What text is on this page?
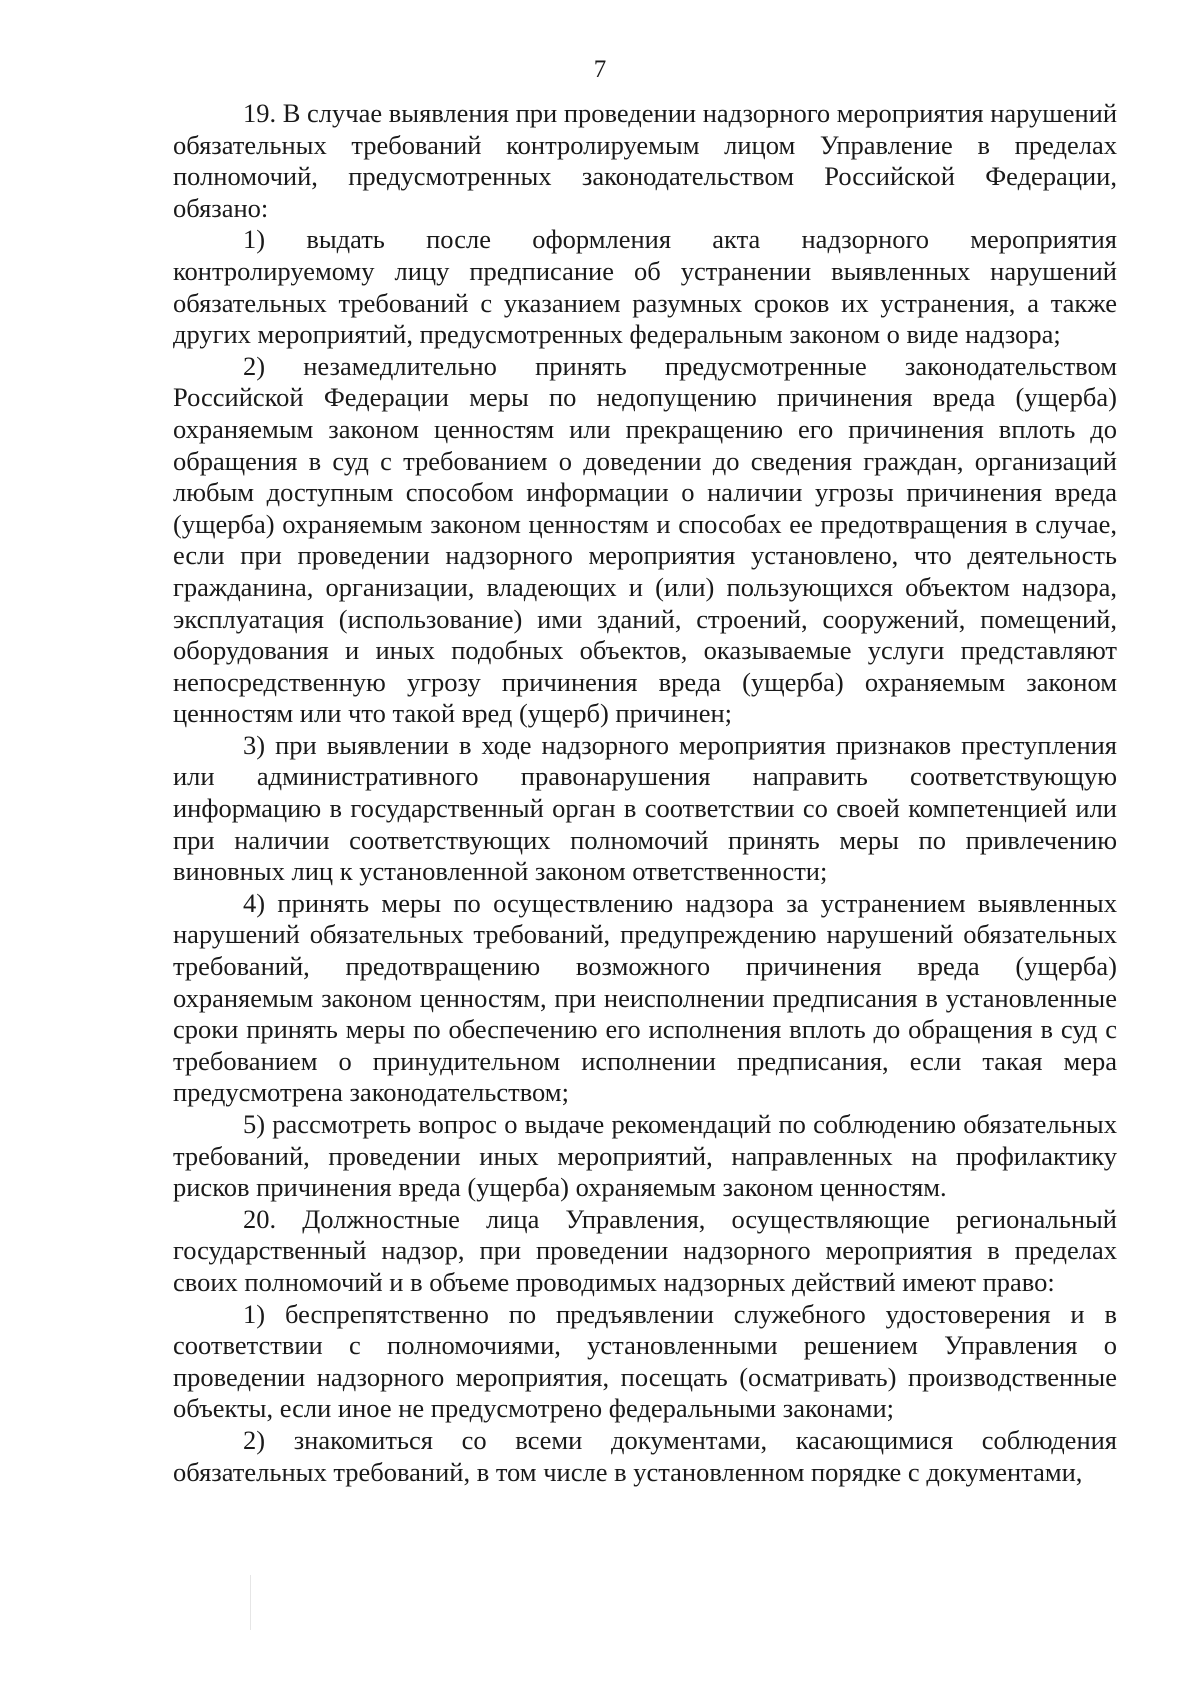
7

19. В случае выявления при проведении надзорного мероприятия нарушений обязательных требований контролируемым лицом Управление в пределах полномочий, предусмотренных законодательством Российской Федерации, обязано:

1) выдать после оформления акта надзорного мероприятия контролируемому лицу предписание об устранении выявленных нарушений обязательных требований с указанием разумных сроков их устранения, а также других мероприятий, предусмотренных федеральным законом о виде надзора;

2) незамедлительно принять предусмотренные законодательством Российской Федерации меры по недопущению причинения вреда (ущерба) охраняемым законом ценностям или прекращению его причинения вплоть до обращения в суд с требованием о доведении до сведения граждан, организаций любым доступным способом информации о наличии угрозы причинения вреда (ущерба) охраняемым законом ценностям и способах ее предотвращения в случае, если при проведении надзорного мероприятия установлено, что деятельность гражданина, организации, владеющих и (или) пользующихся объектом надзора, эксплуатация (использование) ими зданий, строений, сооружений, помещений, оборудования и иных подобных объектов, оказываемые услуги представляют непосредственную угрозу причинения вреда (ущерба) охраняемым законом ценностям или что такой вред (ущерб) причинен;

3) при выявлении в ходе надзорного мероприятия признаков преступления или административного правонарушения направить соответствующую информацию в государственный орган в соответствии со своей компетенцией или при наличии соответствующих полномочий принять меры по привлечению виновных лиц к установленной законом ответственности;

4) принять меры по осуществлению надзора за устранением выявленных нарушений обязательных требований, предупреждению нарушений обязательных требований, предотвращению возможного причинения вреда (ущерба) охраняемым законом ценностям, при неисполнении предписания в установленные сроки принять меры по обеспечению его исполнения вплоть до обращения в суд с требованием о принудительном исполнении предписания, если такая мера предусмотрена законодательством;

5) рассмотреть вопрос о выдаче рекомендаций по соблюдению обязательных требований, проведении иных мероприятий, направленных на профилактику рисков причинения вреда (ущерба) охраняемым законом ценностям.

20. Должностные лица Управления, осуществляющие региональный государственный надзор, при проведении надзорного мероприятия в пределах своих полномочий и в объеме проводимых надзорных действий имеют право:

1) беспрепятственно по предъявлении служебного удостоверения и в соответствии с полномочиями, установленными решением Управления о проведении надзорного мероприятия, посещать (осматривать) производственные объекты, если иное не предусмотрено федеральными законами;

2) знакомиться со всеми документами, касающимися соблюдения обязательных требований, в том числе в установленном порядке с документами,
